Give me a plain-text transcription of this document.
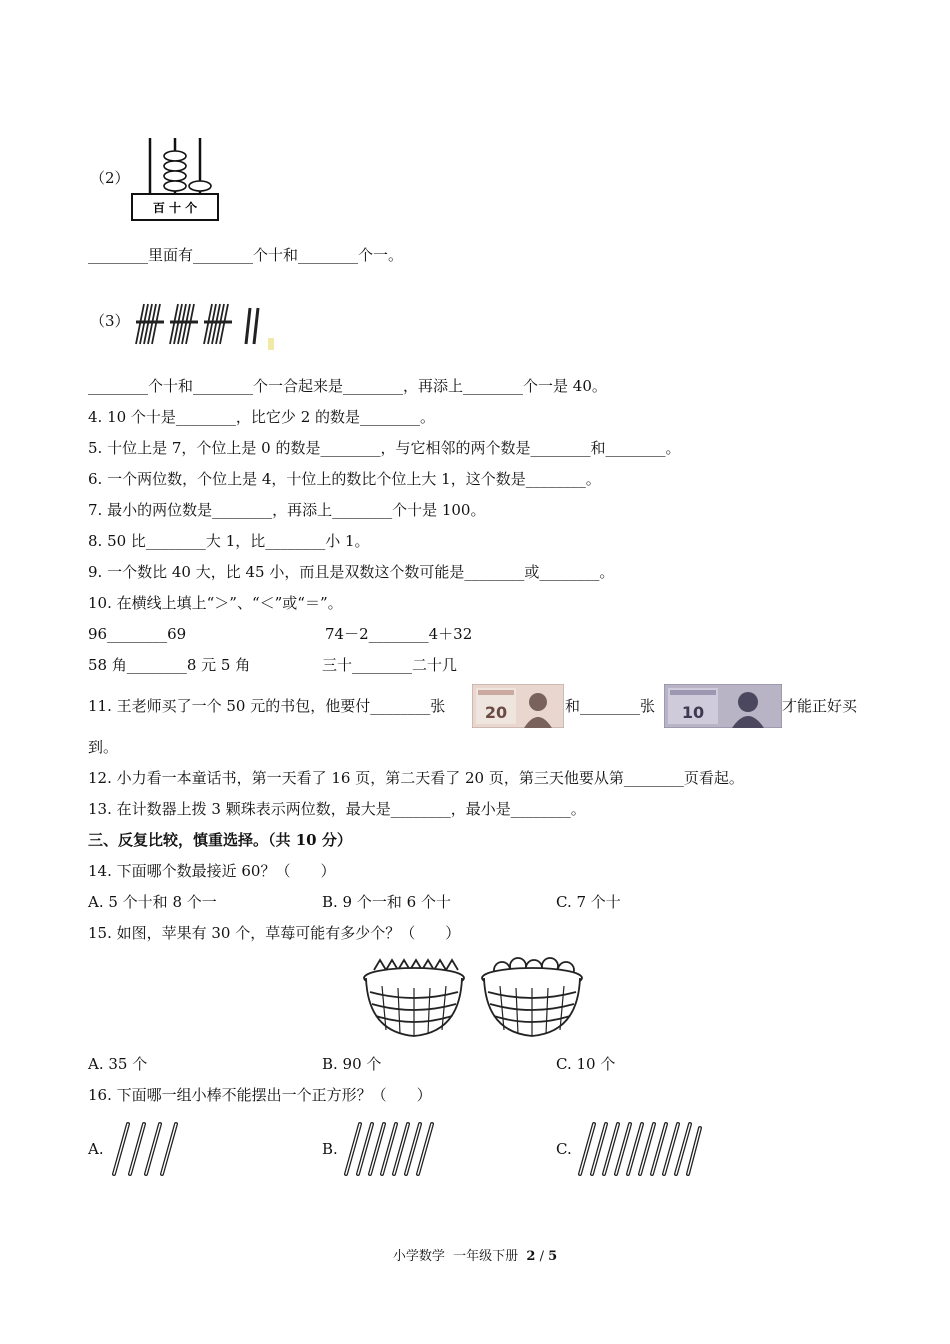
（2）
百 十 个
________里面有________个十和________个一。
（3）
________个十和________个一合起来是________，再添上________个一是 40。
4. 10 个十是________，比它少 2 的数是________。
5. 十位上是 7，个位上是 0 的数是________，与它相邻的两个数是________和________。
6. 一个两位数，个位上是 4，十位上的数比个位上大 1，这个数是________。
7. 最小的两位数是________，再添上________个十是 100。
8. 50 比________大 1，比________小 1。
9. 一个数比 40 大，比 45 小，而且是双数这个数可能是________或________。
10. 在横线上填上“＞”、“＜”或“＝”。
96________69	74－2________4＋32
58 角________8 元 5 角	三十________二十几
11. 王老师买了一个 50 元的书包，他要付________张 20	和________张 10	才能正好买
到。
12. 小力看一本童话书，第一天看了 16 页，第二天看了 20 页，第三天他要从第________页看起。
13. 在计数器上拨 3 颗珠表示两位数，最大是________，最小是________。
三、反复比较，慎重选择。（共 10 分）
14. 下面哪个数最接近 60？（　　）
A. 5 个十和 8 个一	B. 9 个一和 6 个十	C. 7 个十
15. 如图，苹果有 30 个，草莓可能有多少个？（　　）
A. 35 个	B. 90 个	C. 10 个
16. 下面哪一组小棒不能摆出一个正方形？（　　）
A.	B.	C.
小学数学  一年级下册  2 / 5
